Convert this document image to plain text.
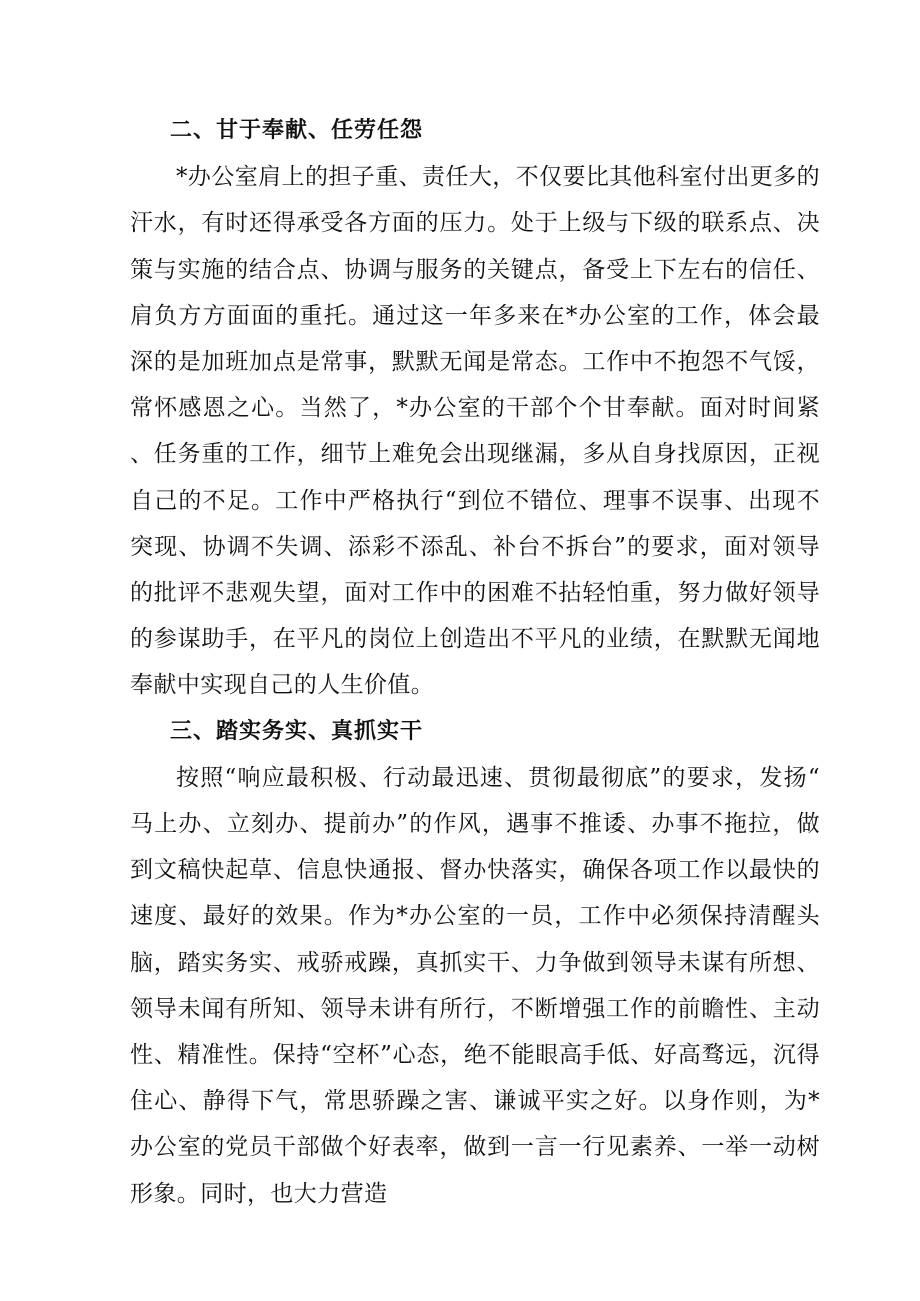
二、甘于奉献、任劳任怨

*办公室肩上的担子重、责任大，不仅要比其他科室付出更多的汗水，有时还得承受各方面的压力。处于上级与下级的联系点、决策与实施的结合点、协调与服务的关键点，备受上下左右的信任、肩负方方面面的重托。通过这一年多来在*办公室的工作，体会最深的是加班加点是常事，默默无闻是常态。工作中不抱怨不气馁，常怀感恩之心。当然了，*办公室的干部个个甘奉献。面对时间紧、任务重的工作，细节上难免会出现继漏，多从自身找原因，正视自己的不足。工作中严格执行“到位不错位、理事不误事、出现不突现、协调不失调、添彩不添乱、补台不拆台”的要求，面对领导的批评不悲观失望，面对工作中的困难不拈轻怕重，努力做好领导的参谋助手，在平凡的岗位上创造出不平凡的业绩，在默默无闻地奉献中实现自己的人生价值。

三、踏实务实、真抓实干

按照“响应最积极、行动最迅速、贯彻最彻底”的要求，发扬“马上办、立刻办、提前办”的作风，遇事不推诿、办事不拖拉，做到文稿快起草、信息快通报、督办快落实，确保各项工作以最快的速度、最好的效果。作为*办公室的一员，工作中必须保持清醒头脑，踏实务实、戒骄戒躁，真抓实干、力争做到领导未谋有所想、领导未闻有所知、领导未讲有所行，不断增强工作的前瞻性、主动性、精准性。保持“空杯”心态，绝不能眼高手低、好高骛远，沉得住心、静得下气，常思骄躁之害、谦诚平实之好。以身作则，为*办公室的党员干部做个好表率，做到一言一行见素养、一举一动树形象。同时，也大力营造
